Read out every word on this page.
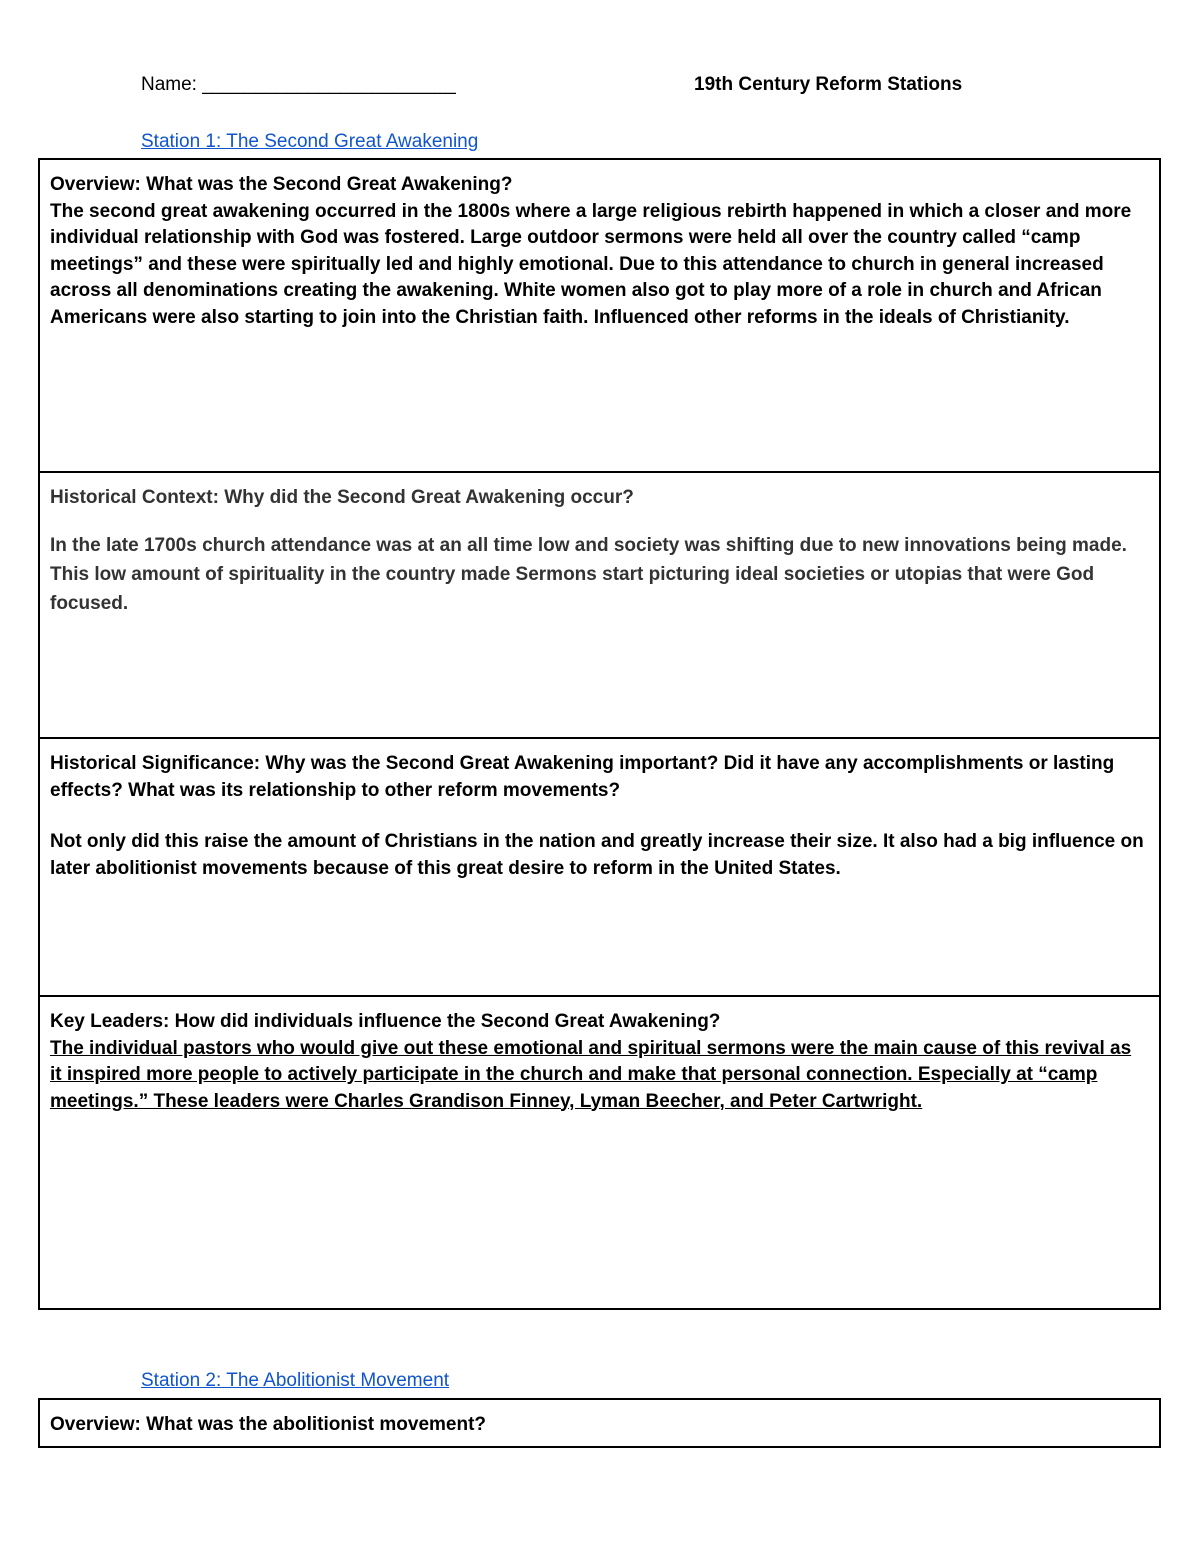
Name: ________________________	19th Century Reform Stations
Station 1: The Second Great Awakening

Overview: What was the Second Great Awakening?

The second great awakening occurred in the 1800s where a large religious rebirth happened in which a closer and more individual relationship with God was fostered. Large outdoor sermons were held all over the country called “camp meetings” and these were spiritually led and highly emotional. Due to this attendance to church in general increased across all denominations creating the awakening. White women also got to play more of a role in church and African Americans were also starting to join into the Christian faith. Influenced other reforms in the ideals of Christianity.

Historical Context: Why did the Second Great Awakening occur?

In the late 1700s church attendance was at an all time low and society was shifting due to new innovations being made. This low amount of spirituality in the country made Sermons start picturing ideal societies or utopias that were God focused.

Historical Significance: Why was the Second Great Awakening important? Did it have any accomplishments or lasting effects? What was its relationship to other reform movements?

Not only did this raise the amount of Christians in the nation and greatly increase their size. It also had a big influence on later abolitionist movements because of this great desire to reform in the United States.

Key Leaders: How did individuals influence the Second Great Awakening?

The individual pastors who would give out these emotional and spiritual sermons were the main cause of this revival as it inspired more people to actively participate in the church and make that personal connection. Especially at “camp meetings.” These leaders were Charles Grandison Finney, Lyman Beecher, and Peter Cartwright.

Station 2: The Abolitionist Movement

Overview: What was the abolitionist movement?
